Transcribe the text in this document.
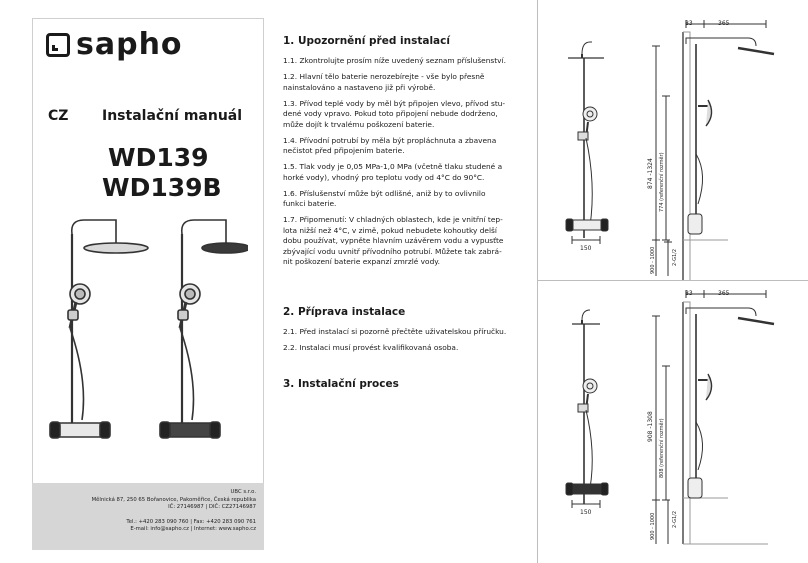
sapho
CZ Instalační manuál
WD139
WD139B
UBC s.r.o.
Mělnická 87, 250 65 Bořanovice, Pakoměřice, Česká republika
IČ: 27146987 | DIČ: CZ27146987
Tel.: +420 283 090 760 | Fax: +420 283 090 761
E-mail: info@sapho.cz | Internet: www.sapho.cz
1. Upozornění před instalací
1.1. Zkontrolujte prosím níže uvedený seznam příslušenství.
1.2. Hlavní tělo baterie nerozebírejte - vše bylo přesně
nainstalováno a nastaveno již při výrobě.
1.3. Přívod teplé vody by měl být připojen vlevo, přívod stu-
dené vody vpravo. Pokud toto připojení nebude dodrženo,
může dojít k trvalému poškození baterie.
1.4. Přívodní potrubí by měla být propláchnuta a zbavena
nečistot před připojením baterie.
1.5. Tlak vody je 0,05 MPa-1,0 MPa (včetně tlaku studené a
horké vody), vhodný pro teplotu vody od 4°C do 90°C.
1.6. Příslušenství může být odlišné, aniž by to ovlivnilo
funkci baterie.
1.7. Připomenutí: V chladných oblastech, kde je vnitřní tep-
lota nižší než 4°C, v zimě, pokud nebudete kohoutky delší
dobu používat, vypněte hlavním uzávěrem vodu a vypusťte
zbývající vodu uvnitř přívodního potrubí. Můžete tak zabrá-
nit poškození baterie expanzí zmrzlé vody.
2. Příprava instalace
2.1. Před instalací si pozorně přečtěte uživatelskou příručku.
2.2. Instalaci musí provést kvalifikovaná osoba.
3. Instalační proces
83	365
150
874 -1324 774 (referenční rozměr)
900 - 1000	2-G1/2
83	365
150
908 -1308 808 (referenční rozměr)
900 - 1000	2-G1/2
